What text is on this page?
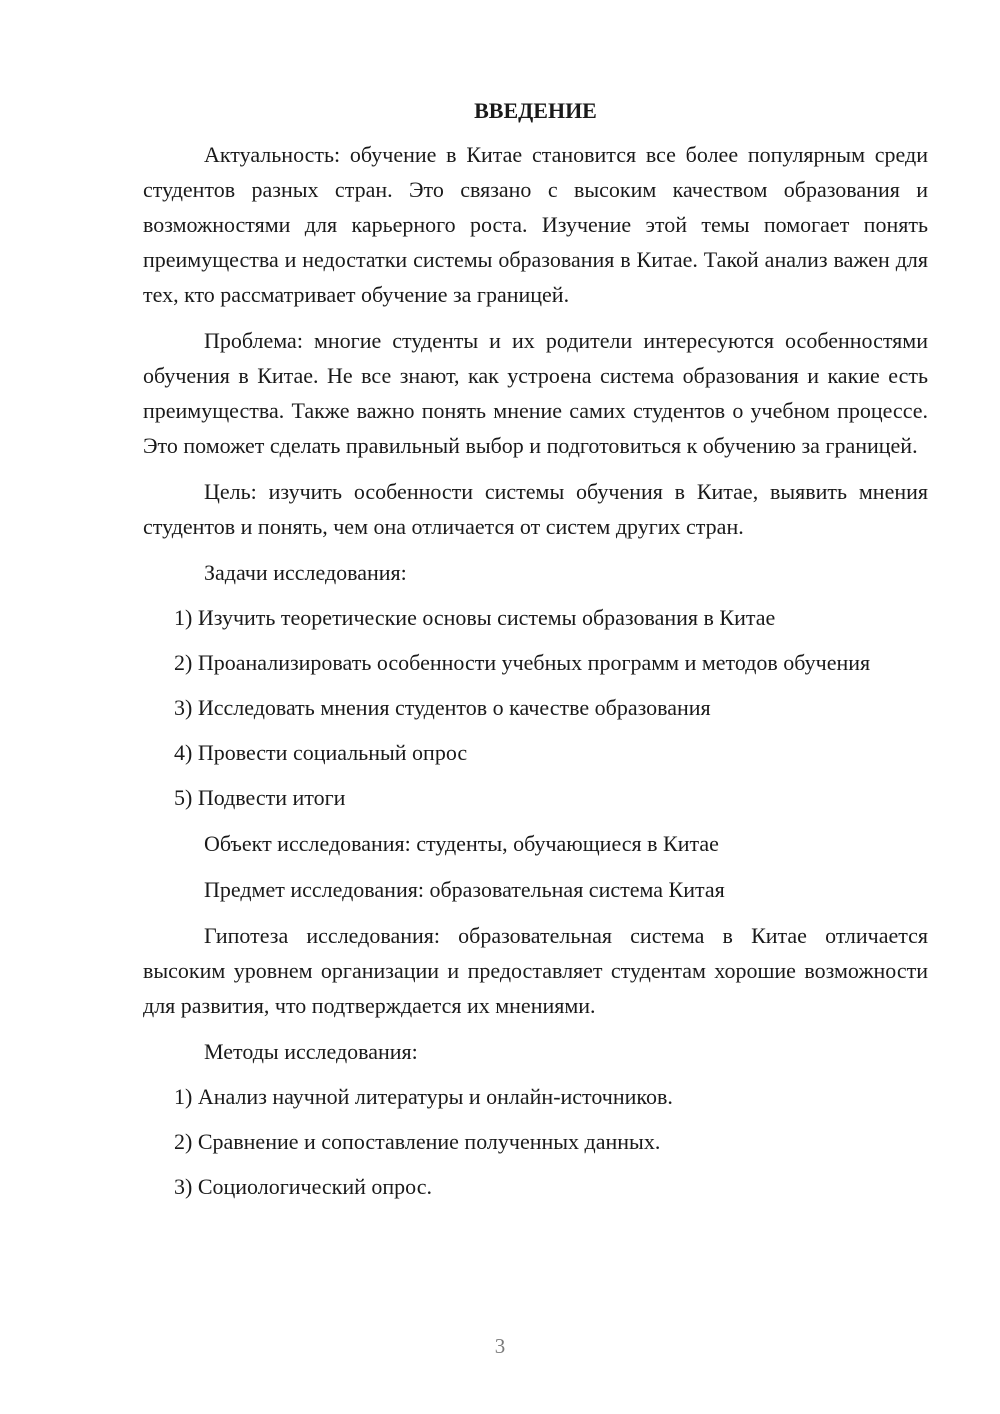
ВВЕДЕНИЕ

Актуальность: обучение в Китае становится все более популярным среди студентов разных стран. Это связано с высоким качеством образования и возможностями для карьерного роста. Изучение этой темы помогает понять преимущества и недостатки системы образования в Китае. Такой анализ важен для тех, кто рассматривает обучение за границей.

Проблема: многие студенты и их родители интересуются особенностями обучения в Китае. Не все знают, как устроена система образования и какие есть преимущества. Также важно понять мнение самих студентов о учебном процессе. Это поможет сделать правильный выбор и подготовиться к обучению за границей.

Цель: изучить особенности системы обучения в Китае, выявить мнения студентов и понять, чем она отличается от систем других стран.

Задачи исследования:

1) Изучить теоретические основы системы образования в Китае

2) Проанализировать особенности учебных программ и методов обучения

3) Исследовать мнения студентов о качестве образования

4) Провести социальный опрос

5) Подвести итоги

Объект исследования: студенты, обучающиеся в Китае

Предмет исследования: образовательная система Китая

Гипотеза исследования: образовательная система в Китае отличается высоким уровнем организации и предоставляет студентам хорошие возможности для развития, что подтверждается их мнениями.

Методы исследования:

1) Анализ научной литературы и онлайн-источников.

2) Сравнение и сопоставление полученных данных.

3) Социологический опрос.

3
